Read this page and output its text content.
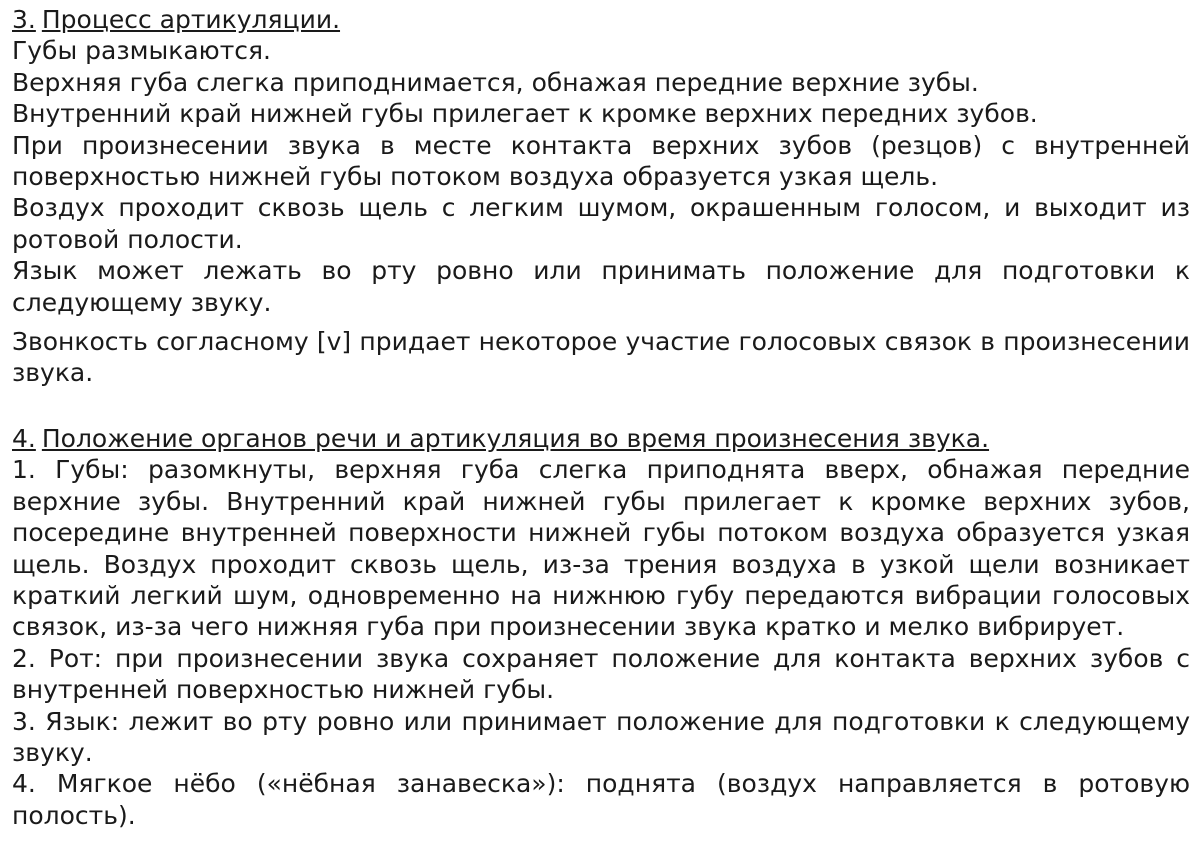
3. Процесс артикуляции.
Губы размыкаются.
Верхняя губа слегка приподнимается, обнажая передние верхние зубы.
Внутренний край нижней губы прилегает к кромке верхних передних зубов.
При произнесении звука в месте контакта верхних зубов (резцов) с внутренней поверхностью нижней губы потоком воздуха образуется узкая щель.
Воздух проходит сквозь щель с легким шумом, окрашенным голосом, и выходит из ротовой полости.
Язык может лежать во рту ровно или принимать положение для подготовки к следующему звуку.
Звонкость согласному [v] придает некоторое участие голосовых связок в произнесении звука.
4. Положение органов речи и артикуляция во время произнесения звука.
1. Губы: разомкнуты, верхняя губа слегка приподнята вверх, обнажая передние верхние зубы. Внутренний край нижней губы прилегает к кромке верхних зубов, посередине внутренней поверхности нижней губы потоком воздуха образуется узкая щель. Воздух проходит сквозь щель, из-за трения воздуха в узкой щели возникает краткий легкий шум, одновременно на нижнюю губу передаются вибрации голосовых связок, из-за чего нижняя губа при произнесении звука кратко и мелко вибрирует.
2. Рот: при произнесении звука сохраняет положение для контакта верхних зубов с внутренней поверхностью нижней губы.
3. Язык: лежит во рту ровно или принимает положение для подготовки к следующему звуку.
4. Мягкое нёбо («нёбная занавеска»): поднята (воздух направляется в ротовую полость).
